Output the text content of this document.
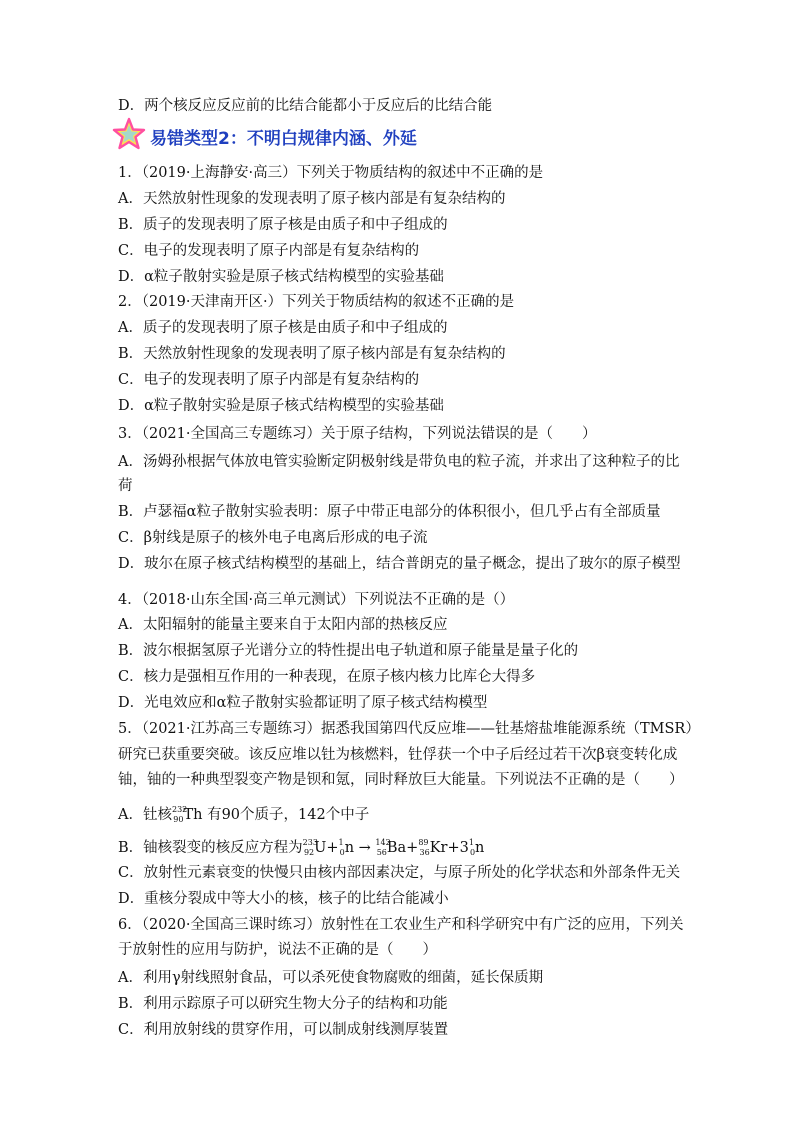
D．两个核反应反应前的比结合能都小于反应后的比结合能
易错类型2：不明白规律内涵、外延
1．（2019·上海静安·高三）下列关于物质结构的叙述中不正确的是
A．天然放射性现象的发现表明了原子核内部是有复杂结构的
B．质子的发现表明了原子核是由质子和中子组成的
C．电子的发现表明了原子内部是有复杂结构的
D．α粒子散射实验是原子核式结构模型的实验基础
2．（2019·天津南开区·）下列关于物质结构的叙述不正确的是
A．质子的发现表明了原子核是由质子和中子组成的
B．天然放射性现象的发现表明了原子核内部是有复杂结构的
C．电子的发现表明了原子内部是有复杂结构的
D．α粒子散射实验是原子核式结构模型的实验基础
3．（2021·全国高三专题练习）关于原子结构，下列说法错误的是（　　）
A．汤姆孙根据气体放电管实验断定阴极射线是带负电的粒子流，并求出了这种粒子的比
荷
B．卢瑟福α粒子散射实验表明：原子中带正电部分的体积很小，但几乎占有全部质量
C．β射线是原子的核外电子电离后形成的电子流
D．玻尔在原子核式结构模型的基础上，结合普朗克的量子概念，提出了玻尔的原子模型
4．（2018·山东全国·高三单元测试）下列说法不正确的是（）
A．太阳辐射的能量主要来自于太阳内部的热核反应
B．波尔根据氢原子光谱分立的特性提出电子轨道和原子能量是量子化的
C．核力是强相互作用的一种表现，在原子核内核力比库仑大得多
D．光电效应和α粒子散射实验都证明了原子核式结构模型
5．（2021·江苏高三专题练习）据悉我国第四代反应堆——钍基熔盐堆能源系统（TMSR）
研究已获重要突破。该反应堆以钍为核燃料，钍俘获一个中子后经过若干次β衰变转化成
铀，铀的一种典型裂变产物是钡和氪，同时释放巨大能量。下列说法不正确的是（　　）
A．钍核$^{232}_{90}$Th 有90个质子，142个中子
B．铀核裂变的核反应方程为$^{233}_{92}U+^1_0n \to ^{142}_{56}Ba+^{89}_{36}Kr+3^1_0n$
C．放射性元素衰变的快慢只由核内部因素决定，与原子所处的化学状态和外部条件无关
D．重核分裂成中等大小的核，核子的比结合能减小
6．（2020·全国高三课时练习）放射性在工农业生产和科学研究中有广泛的应用，下列关
于放射性的应用与防护，说法不正确的是（　　）
A．利用γ射线照射食品，可以杀死使食物腐败的细菌，延长保质期
B．利用示踪原子可以研究生物大分子的结构和功能
C．利用放射线的贯穿作用，可以制成射线测厚装置
